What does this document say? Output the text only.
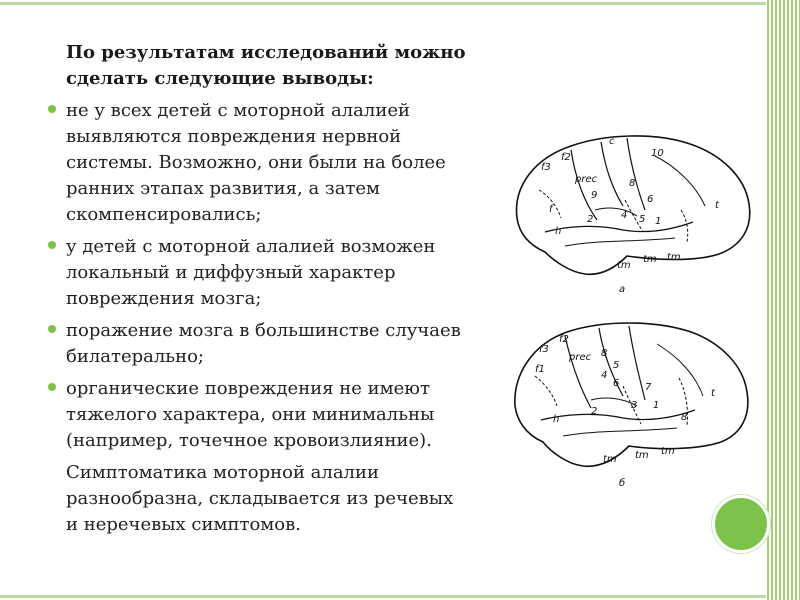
По результатам исследований можно сделать следующие выводы:

не у всех детей с моторной алалией выявляются повреждения нервной системы. Возможно, они были на более ранних этапах развития, а затем скомпенсировались;
у детей с моторной алалией возможен локальный и диффузный характер повреждения мозга;
поражение мозга в большинстве случаев билатерально;
органические повреждения не имеют тяжелого характера, они минимальны (например, точечное кровоизлияние).

Симптоматика моторной алалии разнообразна, складывается из речевых и неречевых симптомов.

f3
f2
prec
c
10
9
8
6
4 5 1
2
tm
tm tm
h
f	t
а
f3
f2
f1
prec 8
4
5
6	7
3 1
2
tm tm tm
h
t
8
б
